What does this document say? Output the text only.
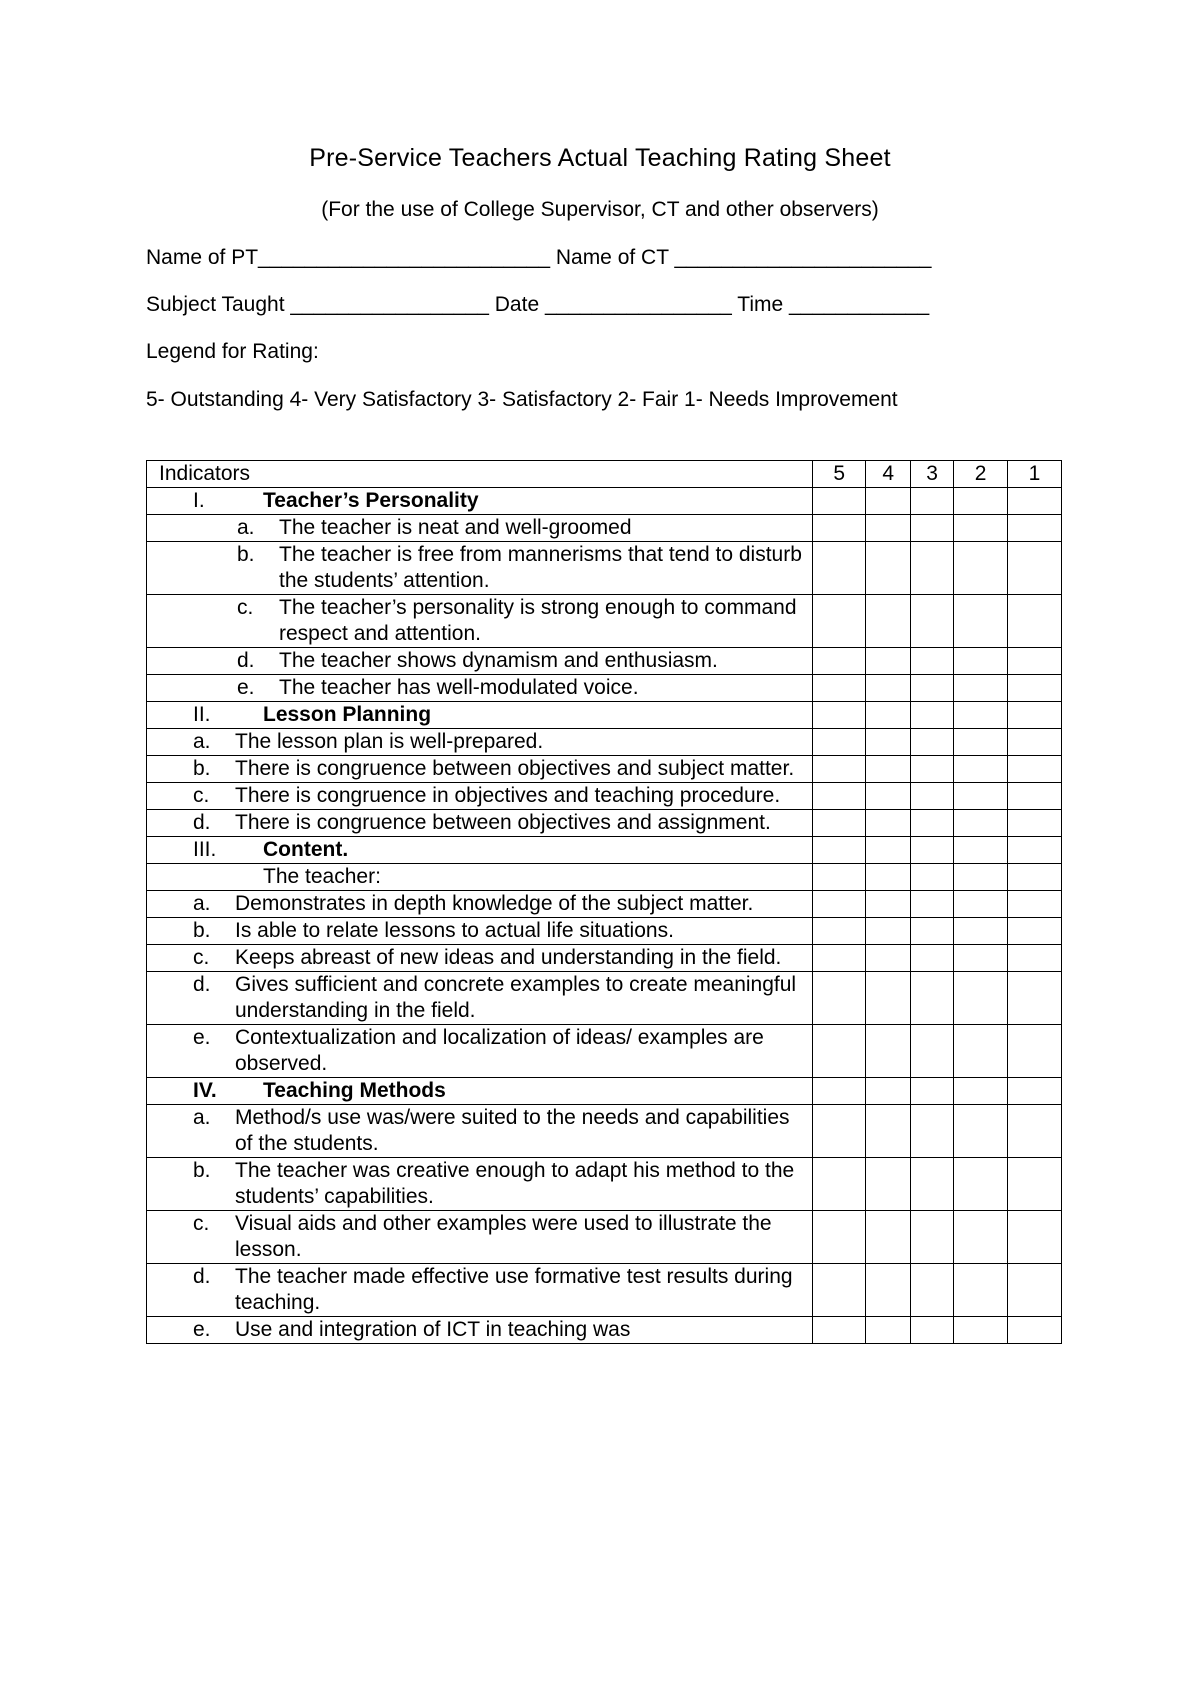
Pre-Service Teachers Actual Teaching Rating Sheet
(For the use of College Supervisor, CT and other observers)
Name of PT_________________________ Name of CT ______________________
Subject Taught _________________ Date ________________ Time ____________
Legend for Rating:
5- Outstanding 4- Very Satisfactory 3- Satisfactory 2- Fair 1- Needs Improvement
Indicators	5	4	3	2	1

I. Teacher’s Personality					

a. The teacher is neat and well-groomed					

b. The teacher is free from mannerisms that tend to disturb the students’ attention.					

c. The teacher’s personality is strong enough to command respect and attention.					

d. The teacher shows dynamism and enthusiasm.					

e. The teacher has well-modulated voice.					

II. Lesson Planning					

a. The lesson plan is well-prepared.					

b. There is congruence between objectives and subject matter.					

c. There is congruence in objectives and teaching procedure.					

d. There is congruence between objectives and assignment.					

III. Content.					

The teacher:					

a. Demonstrates in depth knowledge of the subject matter.					

b. Is able to relate lessons to actual life situations.					

c. Keeps abreast of new ideas and understanding in the field.					

d. Gives sufficient and concrete examples to create meaningful understanding in the field.					

e. Contextualization and localization of ideas/ examples are observed.					

IV. Teaching Methods					

a. Method/s use was/were suited to the needs and capabilities of the students.					

b. The teacher was creative enough to adapt his method to the students’ capabilities.					

c. Visual aids and other examples were used to illustrate the lesson.					

d. The teacher made effective use formative test results during teaching.					

e. Use and integration of ICT in teaching was					
